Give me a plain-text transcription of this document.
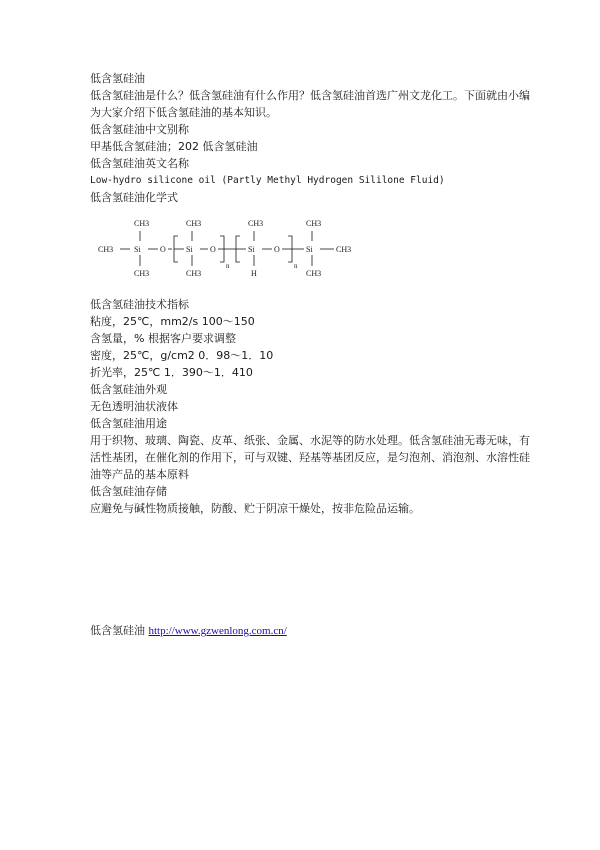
低含氢硅油
低含氢硅油是什么？低含氢硅油有什么作用？低含氢硅油首选广州文龙化工。下面就由小编为大家介绍下低含氢硅油的基本知识。
低含氢硅油中文别称
甲基低含氢硅油；202 低含氢硅油
低含氢硅油英文名称
Low-hydro silicone oil (Partly Methyl Hydrogen Sililone Fluid)
低含氢硅油化学式
CH3	Si
CH3
CH3
O	Si
CH3
CH3
O
n
Si
CH3
H
O
n
Si
CH3
CH3
CH3
低含氢硅油技术指标
粘度，25℃，mm2/s 100～150
含氢量，% 根据客户要求调整
密度，25℃，g/cm2 0．98～1．10
折光率，25℃ 1．390～1．410
低含氢硅油外观
无色透明油状液体
低含氢硅油用途
用于织物、玻璃、陶瓷、皮革、纸张、金属、水泥等的防水处理。低含氢硅油无毒无味，有活性基团，在催化剂的作用下，可与双键、羟基等基团反应，是匀泡剂、消泡剂、水溶性硅油等产品的基本原料
低含氢硅油存储
应避免与碱性物质接触，防酸、贮于阴凉干燥处，按非危险品运输。
低含氢硅油 http://www.gzwenlong.com.cn/
